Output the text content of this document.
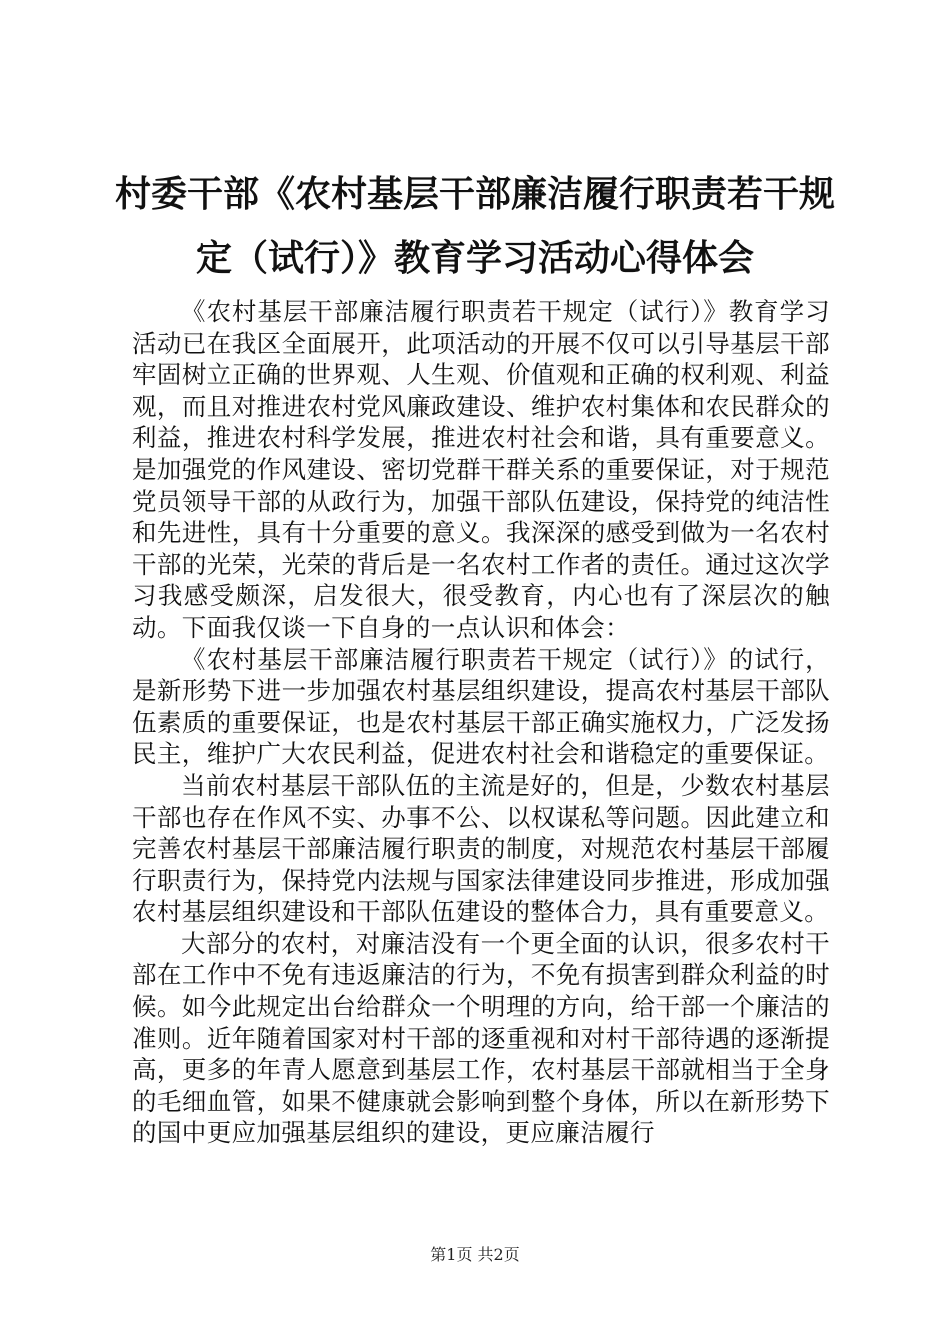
村委干部《农村基层干部廉洁履行职责若干规定（试行）》教育学习活动心得体会

《农村基层干部廉洁履行职责若干规定（试行）》教育学习活动已在我区全面展开，此项活动的开展不仅可以引导基层干部牢固树立正确的世界观、人生观、价值观和正确的权利观、利益观，而且对推进农村党风廉政建设、维护农村集体和农民群众的利益，推进农村科学发展，推进农村社会和谐，具有重要意义。是加强党的作风建设、密切党群干群关系的重要保证，对于规范党员领导干部的从政行为，加强干部队伍建设，保持党的纯洁性和先进性，具有十分重要的意义。我深深的感受到做为一名农村干部的光荣，光荣的背后是一名农村工作者的责任。通过这次学习我感受颇深，启发很大，很受教育，内心也有了深层次的触动。下面我仅谈一下自身的一点认识和体会：

《农村基层干部廉洁履行职责若干规定（试行）》的试行，是新形势下进一步加强农村基层组织建设，提高农村基层干部队伍素质的重要保证，也是农村基层干部正确实施权力，广泛发扬民主，维护广大农民利益，促进农村社会和谐稳定的重要保证。

当前农村基层干部队伍的主流是好的，但是，少数农村基层干部也存在作风不实、办事不公、以权谋私等问题。因此建立和完善农村基层干部廉洁履行职责的制度，对规范农村基层干部履行职责行为，保持党内法规与国家法律建设同步推进，形成加强农村基层组织建设和干部队伍建设的整体合力，具有重要意义。

大部分的农村，对廉洁没有一个更全面的认识，很多农村干部在工作中不免有违返廉洁的行为，不免有损害到群众利益的时候。如今此规定出台给群众一个明理的方向，给干部一个廉洁的准则。近年随着国家对村干部的逐重视和对村干部待遇的逐渐提高，更多的年青人愿意到基层工作，农村基层干部就相当于全身的毛细血管，如果不健康就会影响到整个身体，所以在新形势下的国中更应加强基层组织的建设，更应廉洁履行

第1页 共2页
